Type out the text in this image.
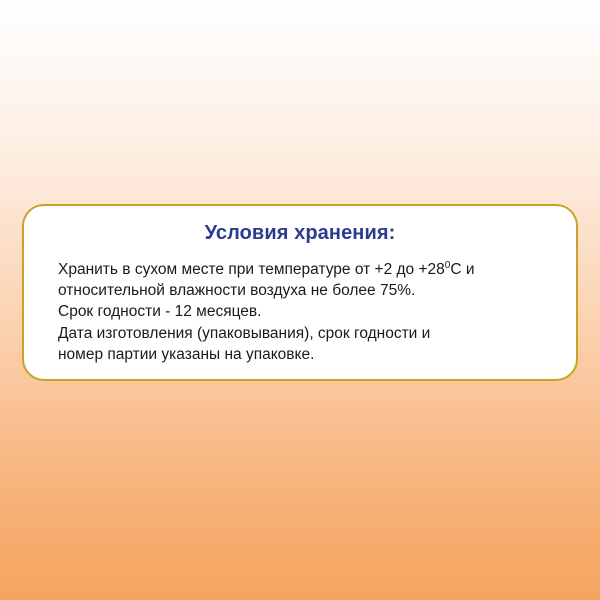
Условия хранения:

Хранить в сухом месте при температуре от +2 до $+28^0С$ и

относительной влажности воздуха не более 75%.

Срок годности - 12 месяцев.

Дата изготовления (упаковывания), срок годности и

номер партии указаны на упаковке.
